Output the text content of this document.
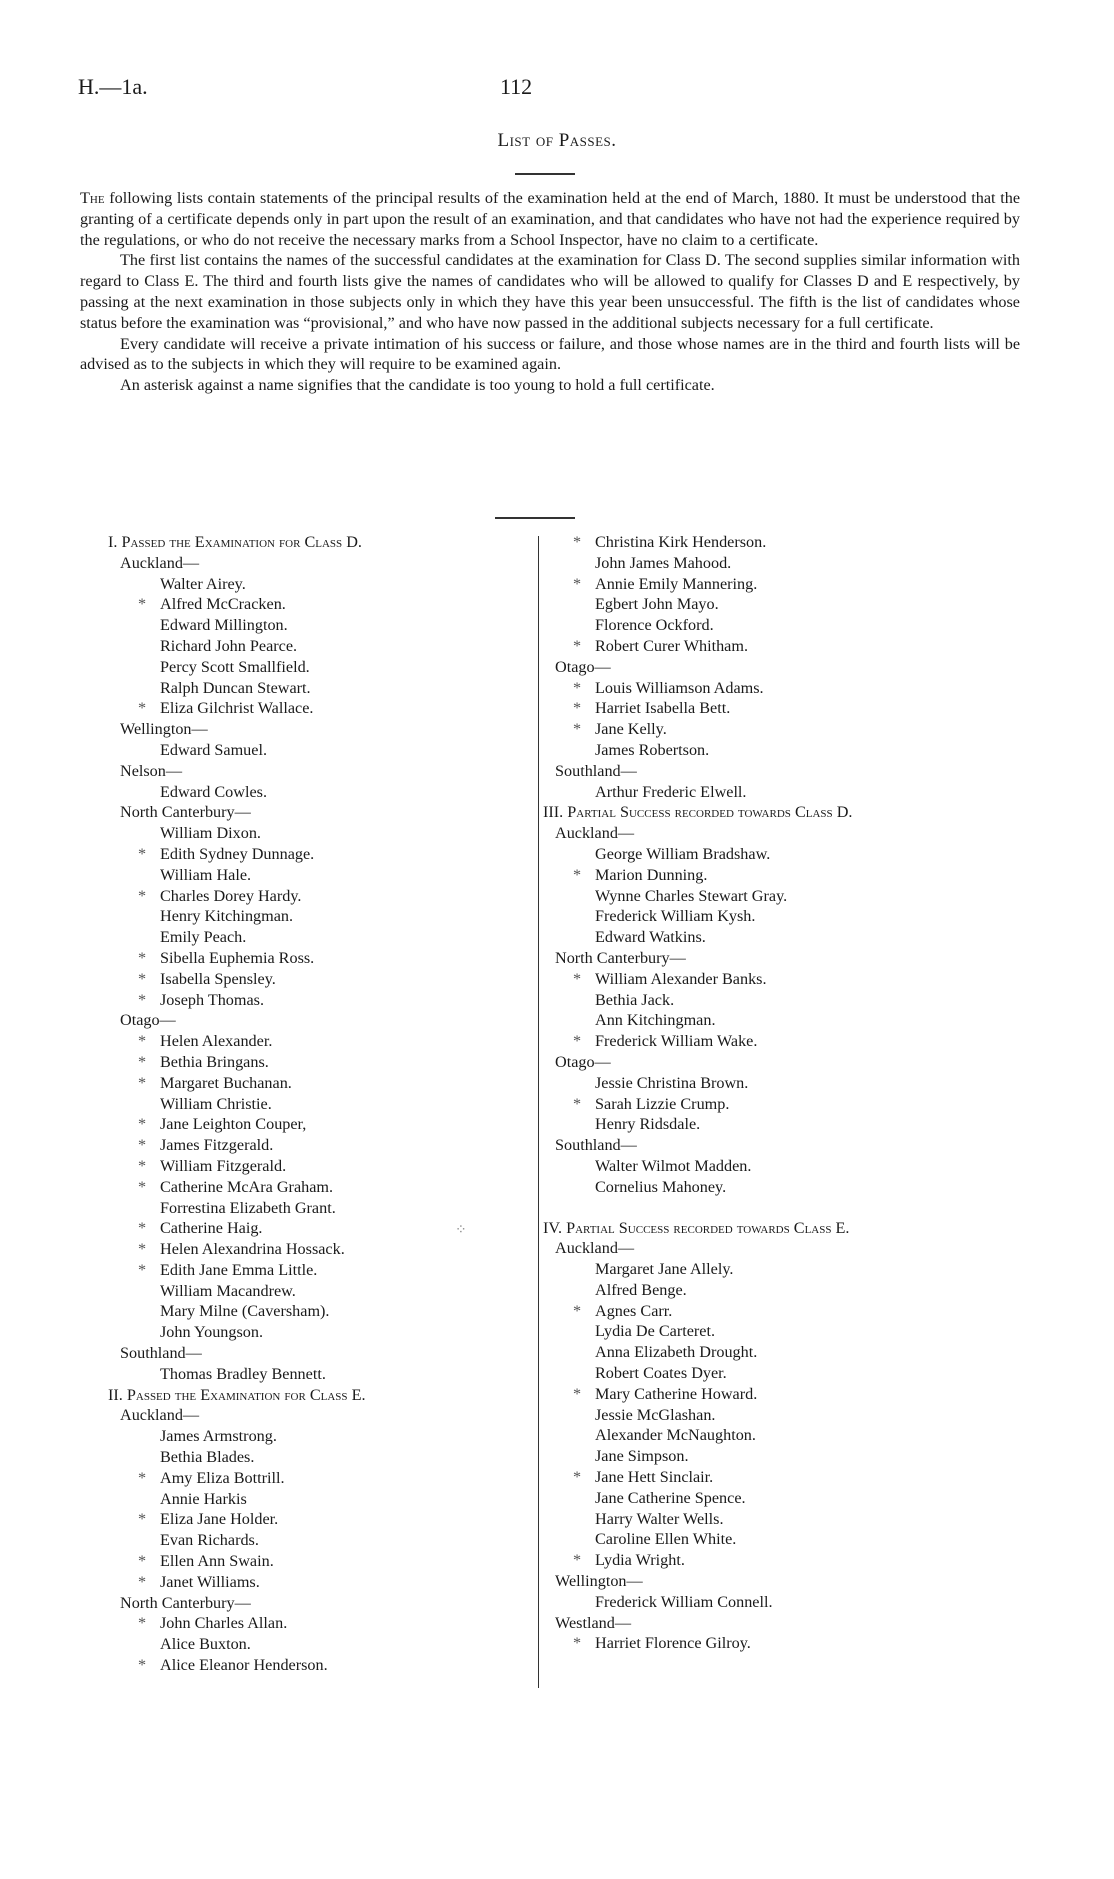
H.—1a.	112
List of Passes.

The following lists contain statements of the principal results of the examination held at the end of March, 1880. It must be understood that the granting of a certificate depends only in part upon the result of an examination, and that candidates who have not had the experience required by the regulations, or who do not receive the necessary marks from a School Inspector, have no claim to a certificate.

The first list contains the names of the successful candidates at the examination for Class D. The second supplies similar information with regard to Class E. The third and fourth lists give the names of candidates who will be allowed to qualify for Classes D and E respectively, by passing at the next examination in those subjects only in which they have this year been unsuccessful. The fifth is the list of candidates whose status before the examination was “provisional,” and who have now passed in the additional subjects necessary for a full certificate.

Every candidate will receive a private intimation of his success or failure, and those whose names are in the third and fourth lists will be advised as to the subjects in which they will require to be examined again.

An asterisk against a name signifies that the candidate is too young to hold a full certificate.

I. Passed the Examination for Class D.
Auckland—
Walter Airey.
* Alfred McCracken.
Edward Millington.
Richard John Pearce.
Percy Scott Smallfield.
Ralph Duncan Stewart.
* Eliza Gilchrist Wallace.
Wellington—
Edward Samuel.
Nelson—
Edward Cowles.
North Canterbury—
William Dixon.
* Edith Sydney Dunnage.
William Hale.
* Charles Dorey Hardy.
Henry Kitchingman.
Emily Peach.
* Sibella Euphemia Ross.
* Isabella Spensley.
* Joseph Thomas.
Otago—
* Helen Alexander.
* Bethia Bringans.
* Margaret Buchanan.
William Christie.
* Jane Leighton Couper,
* James Fitzgerald.
* William Fitzgerald.
* Catherine McAra Graham.
Forrestina Elizabeth Grant.
* Catherine Haig.
* Helen Alexandrina Hossack.
* Edith Jane Emma Little.
William Macandrew.
Mary Milne (Caversham).
John Youngson.
Southland—
Thomas Bradley Bennett.
II. Passed the Examination for Class E.
Auckland—
James Armstrong.
Bethia Blades.
* Amy Eliza Bottrill.
Annie Harkis
* Eliza Jane Holder.
Evan Richards.
* Ellen Ann Swain.
* Janet Williams.
North Canterbury—
* John Charles Allan.
Alice Buxton.
* Alice Eleanor Henderson.
* Christina Kirk Henderson.
John James Mahood.
* Annie Emily Mannering.
Egbert John Mayo.
Florence Ockford.
* Robert Curer Whitham.
Otago—
* Louis Williamson Adams.
* Harriet Isabella Bett.
* Jane Kelly.
James Robertson.
Southland—
Arthur Frederic Elwell.
III. Partial Success recorded towards Class D.
Auckland—
George William Bradshaw.
* Marion Dunning.
Wynne Charles Stewart Gray.
Frederick William Kysh.
Edward Watkins.
North Canterbury—
* William Alexander Banks.
Bethia Jack.
Ann Kitchingman.
* Frederick William Wake.
Otago—
Jessie Christina Brown.
* Sarah Lizzie Crump.
Henry Ridsdale.
Southland—
Walter Wilmot Madden.
Cornelius Mahoney.
IV. Partial Success recorded towards Class E.
Auckland—
Margaret Jane Allely.
Alfred Benge.
* Agnes Carr.
Lydia De Carteret.
Anna Elizabeth Drought.
Robert Coates Dyer.
* Mary Catherine Howard.
Jessie McGlashan.
Alexander McNaughton.
Jane Simpson.
* Jane Hett Sinclair.
Jane Catherine Spence.
Harry Walter Wells.
Caroline Ellen White.
* Lydia Wright.
Wellington—
Frederick William Connell.
Westland—
* Harriet Florence Gilroy.
⁘
